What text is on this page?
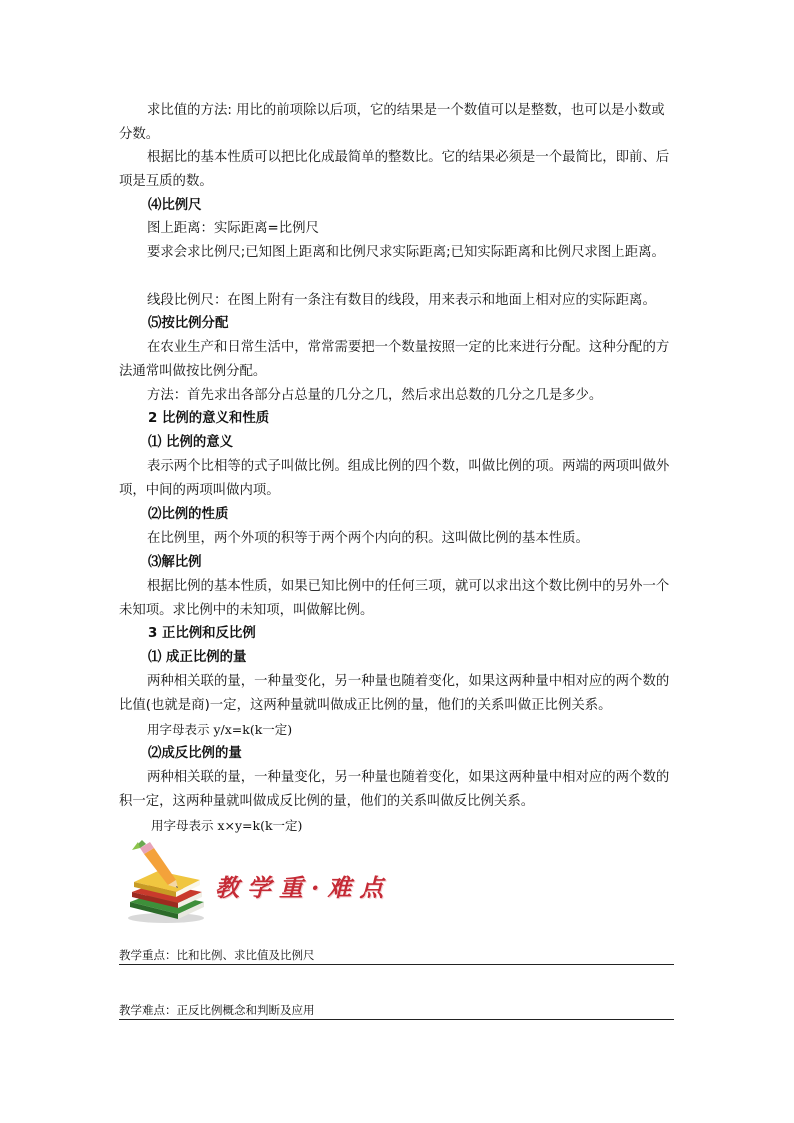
求比值的方法: 用比的前项除以后项，它的结果是一个数值可以是整数，也可以是小数或分数。

根据比的基本性质可以把比化成最简单的整数比。它的结果必须是一个最简比，即前、后项是互质的数。

⑷比例尺

图上距离：实际距离=比例尺

要求会求比例尺;已知图上距离和比例尺求实际距离;已知实际距离和比例尺求图上距离。

线段比例尺：在图上附有一条注有数目的线段，用来表示和地面上相对应的实际距离。

⑸按比例分配

在农业生产和日常生活中，常常需要把一个数量按照一定的比来进行分配。这种分配的方法通常叫做按比例分配。

方法：首先求出各部分占总量的几分之几，然后求出总数的几分之几是多少。

2 比例的意义和性质

⑴ 比例的意义

表示两个比相等的式子叫做比例。组成比例的四个数，叫做比例的项。两端的两项叫做外项，中间的两项叫做内项。

⑵比例的性质

在比例里，两个外项的积等于两个两个内向的积。这叫做比例的基本性质。

⑶解比例

根据比例的基本性质，如果已知比例中的任何三项，就可以求出这个数比例中的另外一个未知项。求比例中的未知项，叫做解比例。

3 正比例和反比例

⑴ 成正比例的量

两种相关联的量，一种量变化，另一种量也随着变化，如果这两种量中相对应的两个数的比值(也就是商)一定，这两种量就叫做成正比例的量，他们的关系叫做正比例关系。

用字母表示 y/x=k(k一定)

⑵成反比例的量

两种相关联的量，一种量变化，另一种量也随着变化，如果这两种量中相对应的两个数的积一定，这两种量就叫做成反比例的量，他们的关系叫做反比例关系。

用字母表示 x×y=k(k一定)

教学重·难点
教学重点：比和比例、求比值及比例尺
教学难点：正反比例概念和判断及应用
